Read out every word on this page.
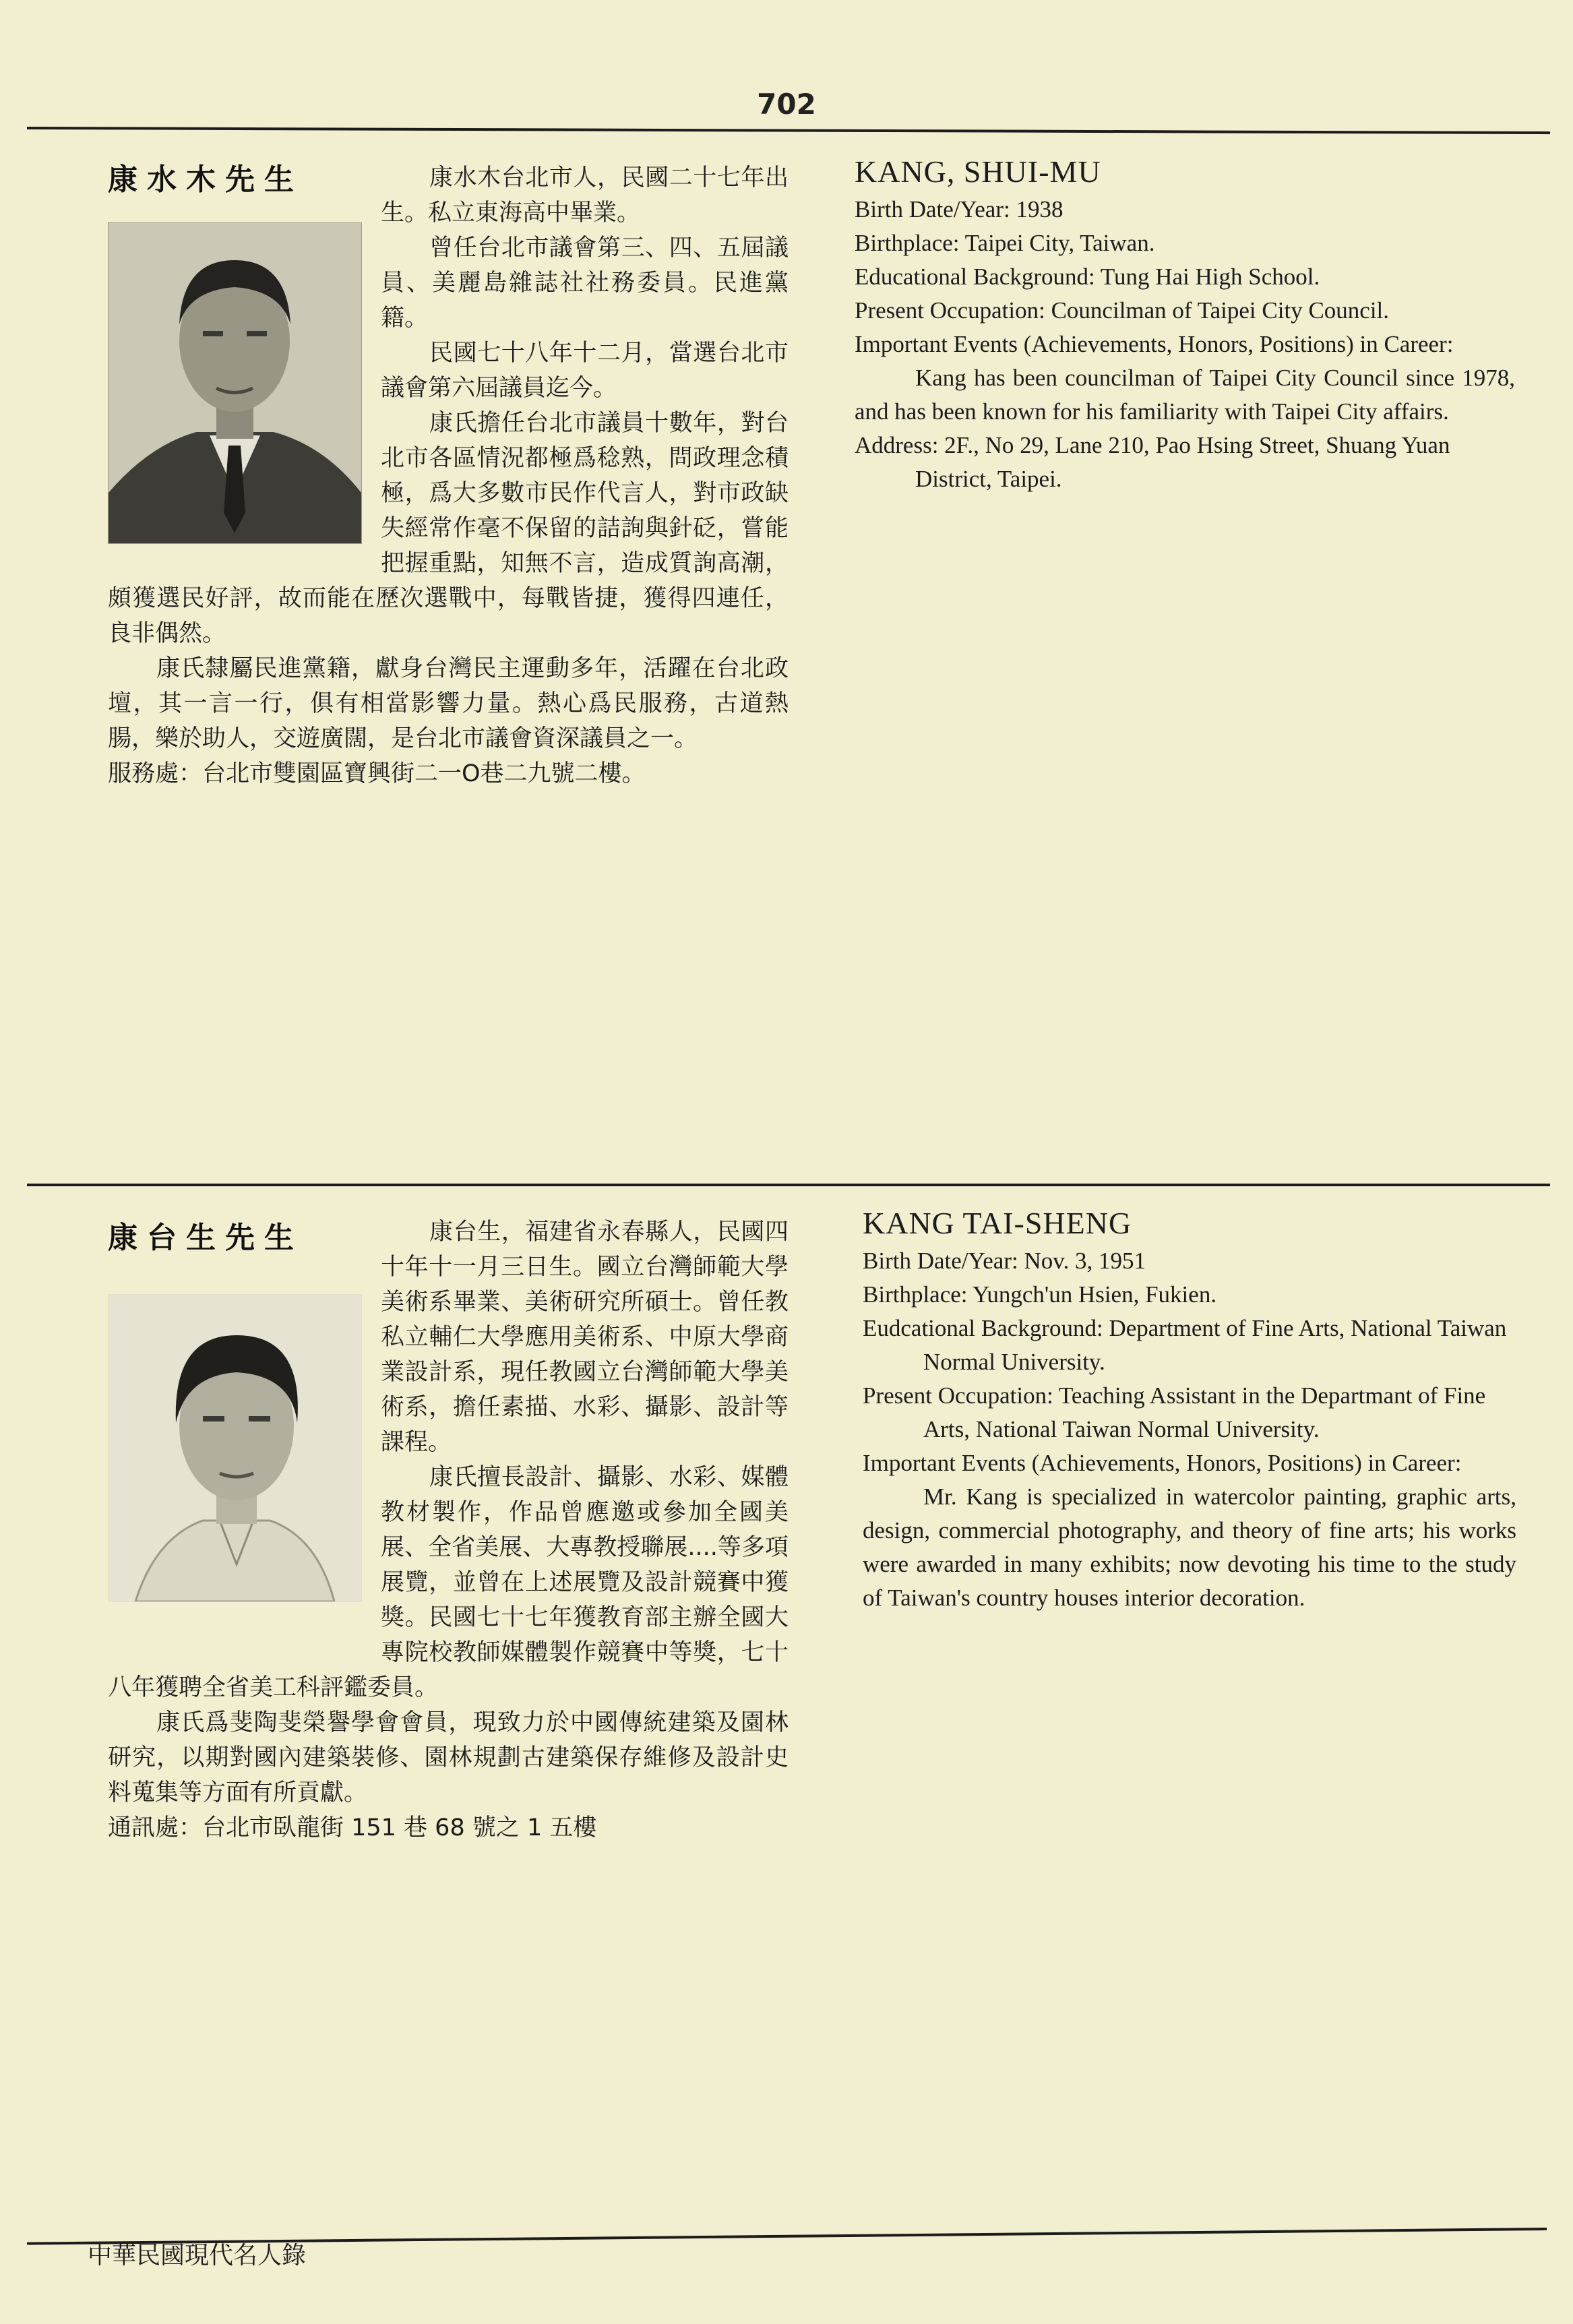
702
康水木先生	康水木台北市人，民國二十七年出生。私立東海高中畢業。

曾任台北市議會第三、四、五屆議員、美麗島雜誌社社務委員。民進黨籍。

民國七十八年十二月，當選台北市議會第六屆議員迄今。

康氏擔任台北市議員十數年，對台北市各區情況都極爲稔熟，問政理念積極，爲大多數市民作代言人，對市政缺失經常作毫不保留的詰詢與針砭，嘗能把握重點，知無不言，造成質詢高潮，頗獲選民好評，故而能在歷次選戰中，每戰皆捷，獲得四連任，良非偶然。

康氏隸屬民進黨籍，獻身台灣民主運動多年，活躍在台北政壇，其一言一行，俱有相當影響力量。熱心爲民服務，古道熱腸，樂於助人，交遊廣闊，是台北市議會資深議員之一。

服務處：台北市雙園區寶興街二一O巷二九號二樓。

KANG, SHUI-MU

Birth Date/Year: 1938

Birthplace: Taipei City, Taiwan.

Educational Background: Tung Hai High School.

Present Occupation: Councilman of Taipei City Council.

Important Events (Achievements, Honors, Positions) in Career:

Kang has been councilman of Taipei City Council since 1978, and has been known for his familiarity with Taipei City affairs.

Address: 2F., No 29, Lane 210, Pao Hsing Street, Shuang Yuan District, Taipei.

康台生先生	康台生，福建省永春縣人，民國四十年十一月三日生。國立台灣師範大學美術系畢業、美術研究所碩士。曾任教私立輔仁大學應用美術系、中原大學商業設計系，現任教國立台灣師範大學美術系，擔任素描、水彩、攝影、設計等課程。

康氏擅長設計、攝影、水彩、媒體教材製作，作品曾應邀或參加全國美展、全省美展、大專教授聯展....等多項展覽，並曾在上述展覽及設計競賽中獲獎。民國七十七年獲教育部主辦全國大專院校教師媒體製作競賽中等獎，七十八年獲聘全省美工科評鑑委員。

康氏爲斐陶斐榮譽學會會員，現致力於中國傳統建築及園林研究，以期對國內建築裝修、園林規劃古建築保存維修及設計史料蒐集等方面有所貢獻。

通訊處：台北市臥龍街 151 巷 68 號之 1 五樓

KANG TAI-SHENG

Birth Date/Year: Nov. 3, 1951

Birthplace: Yungch'un Hsien, Fukien.

Eudcational Background: Department of Fine Arts, National Taiwan Normal University.

Present Occupation: Teaching Assistant in the Departmant of Fine Arts, National Taiwan Normal University.

Important Events (Achievements, Honors, Positions) in Career:

Mr. Kang is specialized in watercolor painting, graphic arts, design, commercial photography, and theory of fine arts; his works were awarded in many exhibits; now devoting his time to the study of Taiwan's country houses interior decoration.

中華民國現代名人錄
